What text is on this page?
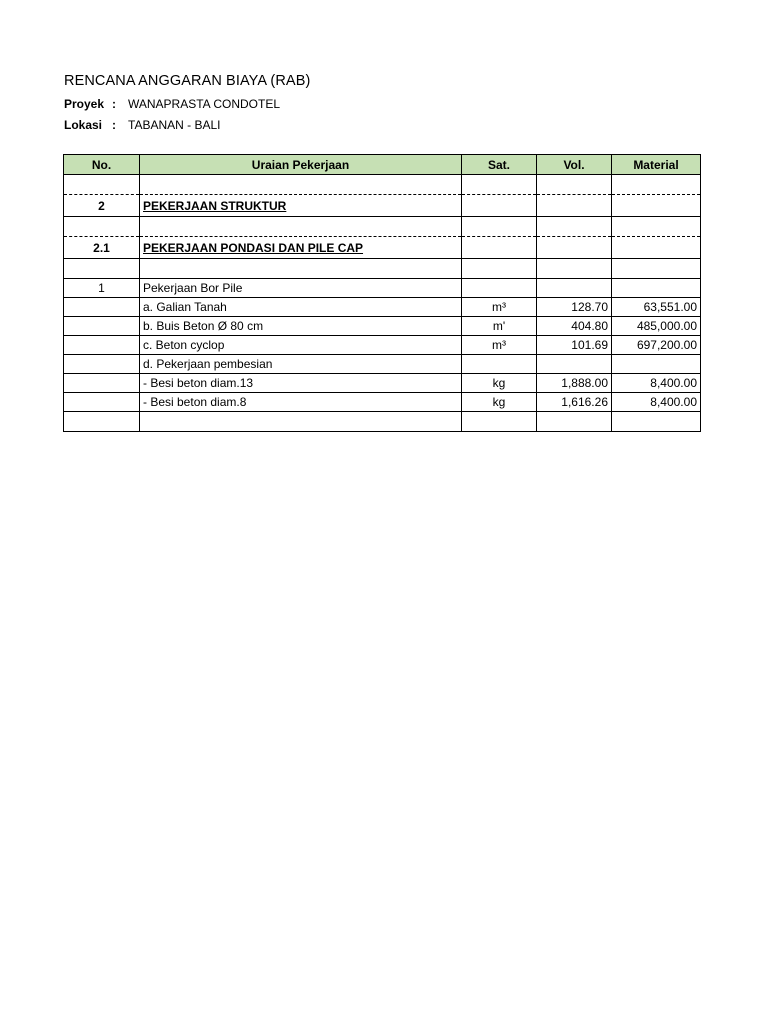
RENCANA ANGGARAN BIAYA (RAB)
Proyek :	WANAPRASTA CONDOTEL
Lokasi :	TABANAN - BALI
No.	Uraian Pekerjaan	Sat.	Vol.	Material

2	PEKERJAAN STRUKTUR			

2.1	PEKERJAAN PONDASI DAN PILE CAP			

1	Pekerjaan Bor Pile			
	a. Galian Tanah	m³	128.70	63,551.00
	b. Buis Beton Ø 80 cm	m'	404.80	485,000.00
	c. Beton cyclop	m³	101.69	697,200.00
	d. Pekerjaan pembesian			
	- Besi beton diam.13	kg	1,888.00	8,400.00
	- Besi beton diam.8	kg	1,616.26	8,400.00
